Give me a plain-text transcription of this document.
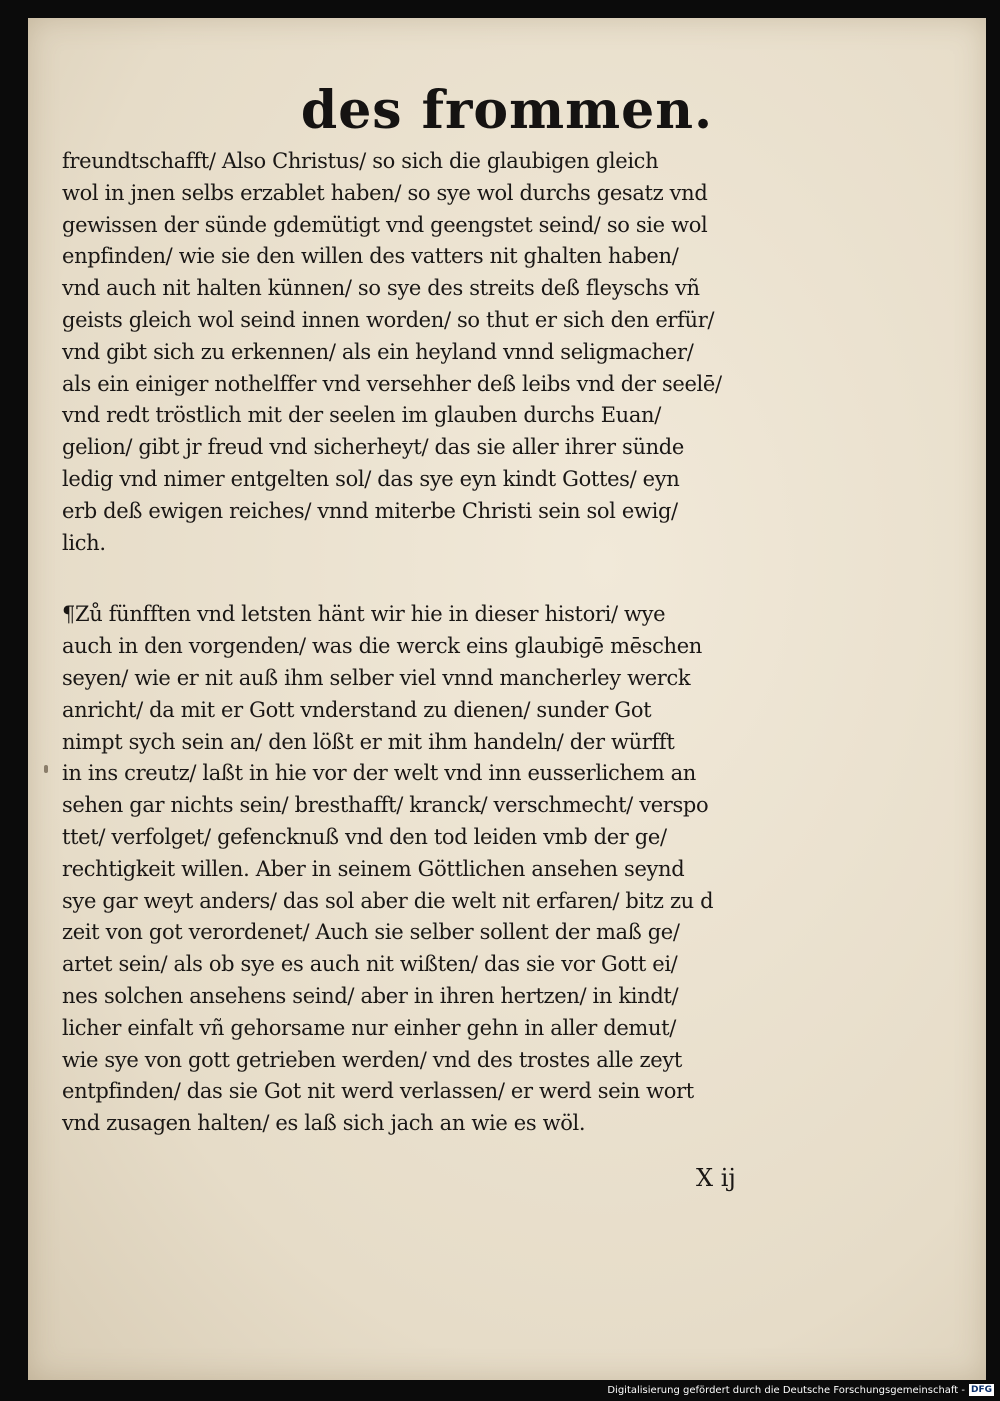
des frommen.
freundtschafft/ Also Christus/ so sich die glaubigen gleich
wol in jnen selbs erzablet haben/ so sye wol durchs gesatz vnd
gewissen der sünde gdemütigt vnd geengstet seind/ so sie wol
enpfinden/ wie sie den willen des vatters nit ghalten haben/
vnd auch nit halten künnen/ so sye des streits deß fleyschs vñ
geists gleich wol seind innen worden/ so thut er sich den erfür/
vnd gibt sich zu erkennen/ als ein heyland vnnd seligmacher/
als ein einiger nothelffer vnd versehher deß leibs vnd der seelē/
vnd redt tröstlich mit der seelen im glauben durchs Euan/
gelion/ gibt jr freud vnd sicherheyt/ das sie aller ihrer sünde
ledig vnd nimer entgelten sol/ das sye eyn kindt Gottes/ eyn
erb deß ewigen reiches/ vnnd miterbe Christi sein sol ewig/
lich.
¶Zů fünfften vnd letsten hänt wir hie in dieser histori/ wye
auch in den vorgenden/ was die werck eins glaubigē mēschen
seyen/ wie er nit auß ihm selber viel vnnd mancherley werck
anricht/ da mit er Gott vnderstand zu dienen/ sunder Got
nimpt sych sein an/ den lößt er mit ihm handeln/ der würfft
in ins creutz/ laßt in hie vor der welt vnd inn eusserlichem an
sehen gar nichts sein/ bresthafft/ kranck/ verschmecht/ verspo
ttet/ verfolget/ gefencknuß vnd den tod leiden vmb der ge/
rechtigkeit willen. Aber in seinem Göttlichen ansehen seynd
sye gar weyt anders/ das sol aber die welt nit erfaren/ bitz zu d
zeit von got verordenet/ Auch sie selber sollent der maß ge/
artet sein/ als ob sye es auch nit wißten/ das sie vor Gott ei/
nes solchen ansehens seind/ aber in ihren hertzen/ in kindt/
licher einfalt vñ gehorsame nur einher gehn in aller demut/
wie sye von gott getrieben werden/ vnd des trostes alle zeyt
entpfinden/ das sie Got nit werd verlassen/ er werd sein wort
vnd zusagen halten/ es laß sich jach an wie es wöl.
X ij
Digitalisierung gefördert durch die Deutsche Forschungsgemeinschaft - DFG
